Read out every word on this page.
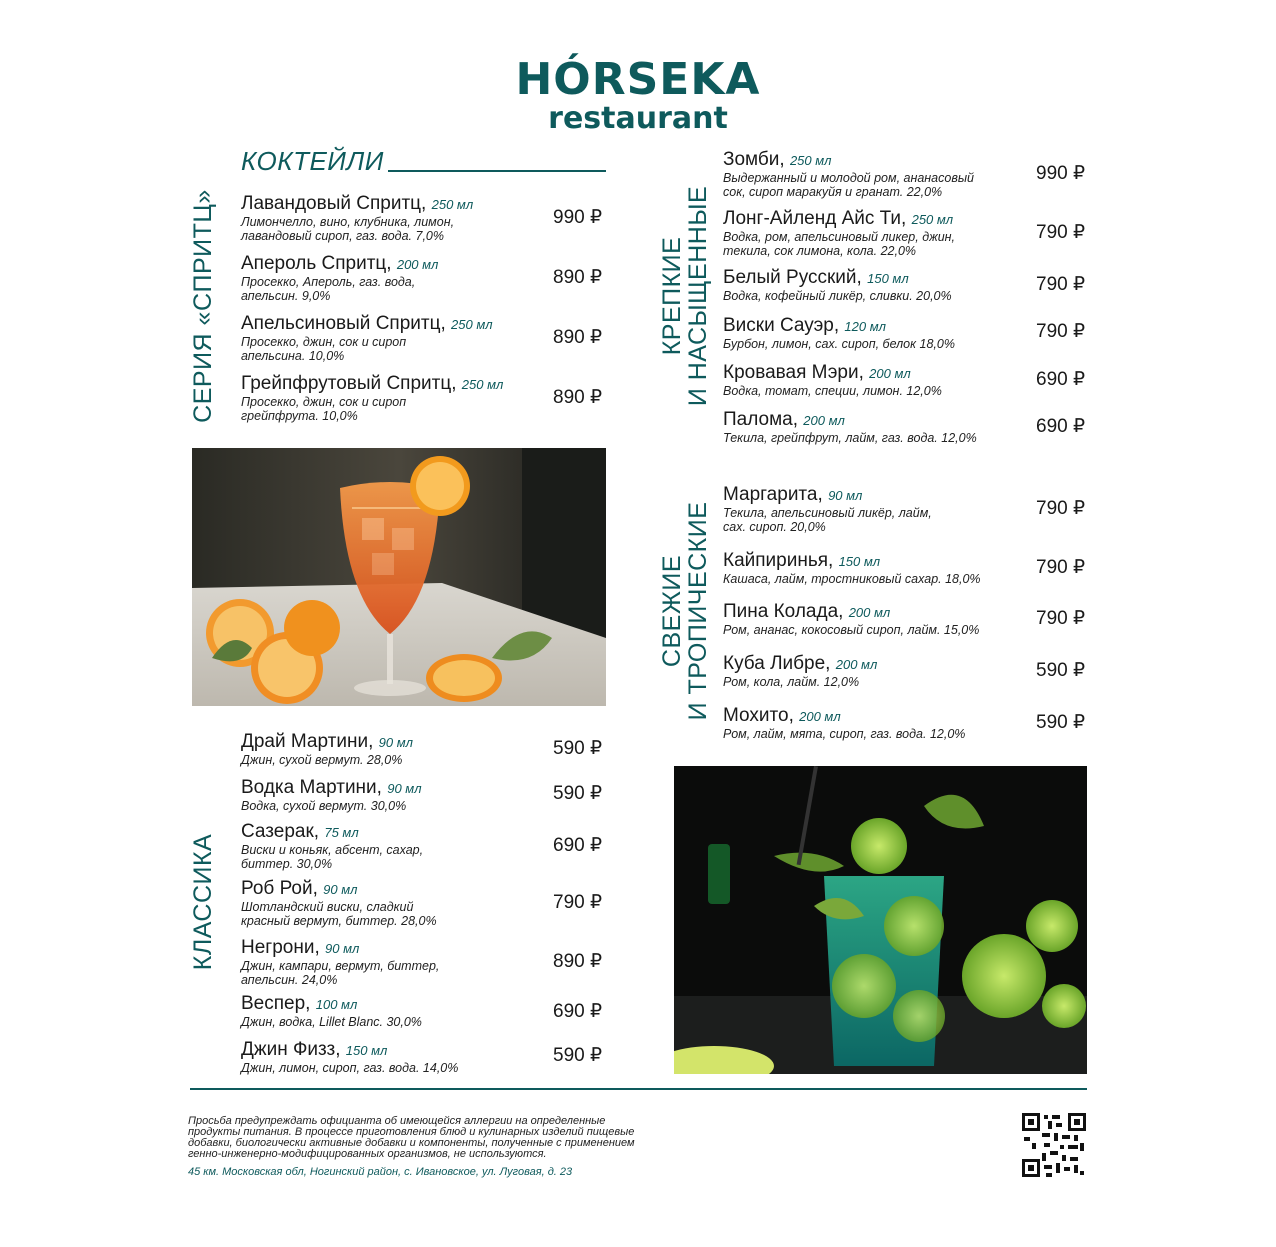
HÓRSEKA
restaurant
КОКТЕЙЛИ
СЕРИЯ «СПРИТЦ»	КРЕПКИЕ
И НАСЫЩЕННЫЕ
СВЕЖИЕ
И ТРОПИЧЕСКИЕ
КЛАССИКА
Лавандовый Спритц, 250 мл
Лимончелло, вино, клубника, лимон,
лавандовый сироп, газ. вода. 7,0%
990 ₽
Апероль Спритц, 200 мл
Просекко, Апероль, газ. вода,
апельсин. 9,0%
890 ₽
Апельсиновый Спритц, 250 мл
Просекко, джин, сок и сироп
апельсина. 10,0%
890 ₽
Грейпфрутовый Спритц, 250 мл
Просекко, джин, сок и сироп
грейпфрута. 10,0%
890 ₽
Драй Мартини, 90 мл
Джин, сухой вермут. 28,0%
590 ₽
Водка Мартини, 90 мл
Водка, сухой вермут. 30,0%
590 ₽
Сазерак, 75 мл
Виски и коньяк, абсент, сахар,
биттер. 30,0%
690 ₽
Роб Рой, 90 мл
Шотландский виски, сладкий
красный вермут, биттер. 28,0%
790 ₽
Негрони, 90 мл
Джин, кампари, вермут, биттер,
апельсин. 24,0%
890 ₽
Веспер, 100 мл
Джин, водка, Lillet Blanc. 30,0%	690 ₽
Джин Физз, 150 мл
Джин, лимон, сироп, газ. вода. 14,0%
590 ₽
Зомби, 250 мл
Выдержанный и молодой ром, ананасовый
сок, сироп маракуйя и гранат. 22,0%
990 ₽
Лонг-Айленд Айс Ти, 250 мл
Водка, ром, апельсиновый ликер, джин,
текила, сок лимона, кола. 22,0%
790 ₽
Белый Русский, 150 мл
Водка, кофейный ликёр, сливки. 20,0%
790 ₽
Виски Сауэр, 120 мл
Бурбон, лимон, сах. сироп, белок 18,0%
790 ₽
Кровавая Мэри, 200 мл
Водка, томат, специи, лимон. 12,0%
690 ₽
Палома, 200 мл
Текила, грейпфрут, лайм, газ. вода. 12,0%
690 ₽
Маргарита, 90 мл
Текила, апельсиновый ликёр, лайм,
сах. сироп. 20,0%
790 ₽
Кайпиринья, 150 мл
Кашаса, лайм, тростниковый сахар. 18,0%
790 ₽
Пина Колада, 200 мл
Ром, ананас, кокосовый сироп, лайм. 15,0%
790 ₽
Куба Либре, 200 мл
Ром, кола, лайм. 12,0%
590 ₽
Мохито, 200 мл
Ром, лайм, мята, сироп, газ. вода. 12,0%
590 ₽
Просьба предупреждать официанта об имеющейся аллергии на определенные
продукты питания. В процессе приготовления блюд и кулинарных изделий пищевые
добавки, биологически активные добавки и компоненты, полученные с применением
генно-инженерно-модифицированных организмов, не используются.
45 км. Московская обл, Ногинский район, с. Ивановское, ул. Луговая, д. 23
